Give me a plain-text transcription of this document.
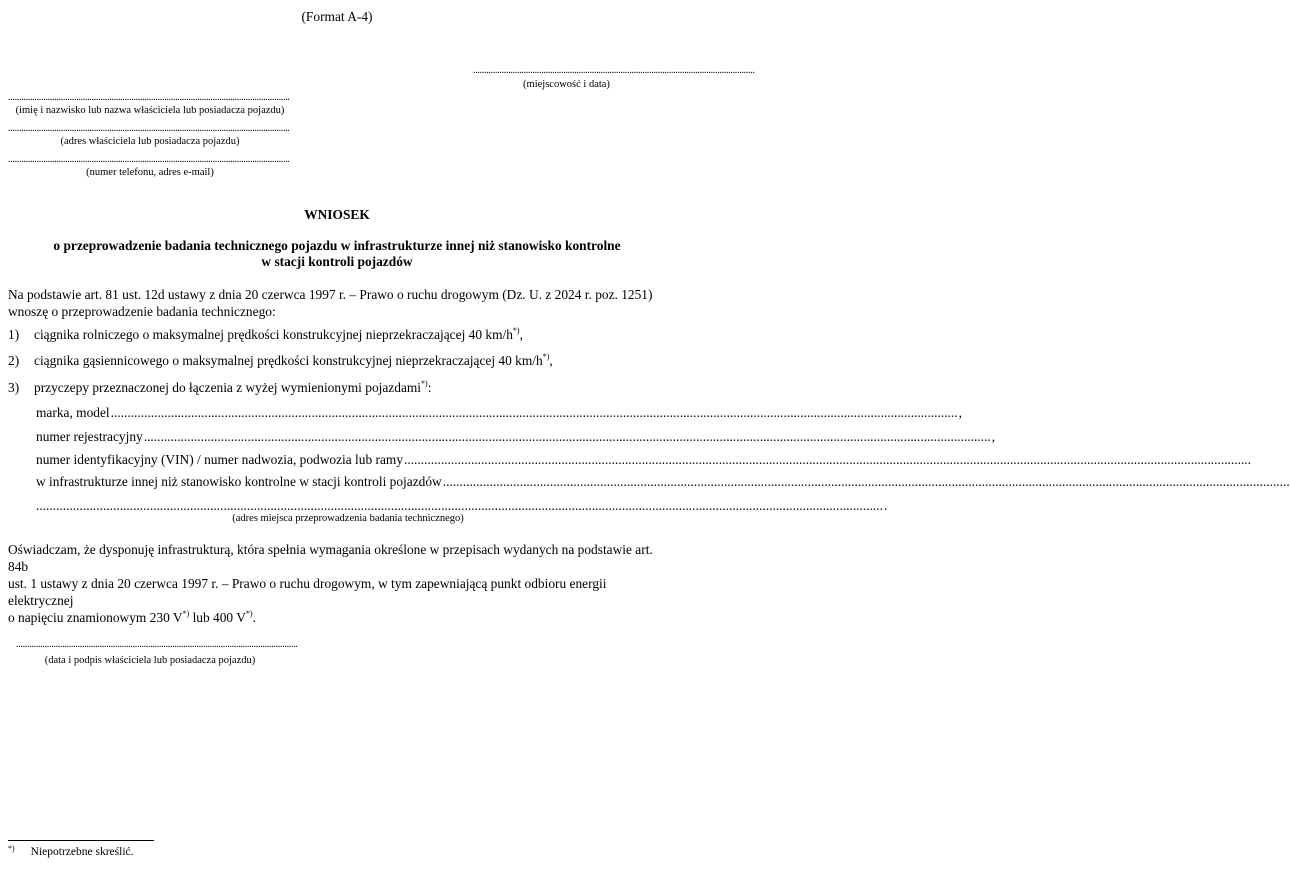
(Format A-4)
................................................................................................................................
(miejscowość i data)
................................................................................................................................
(imię i nazwisko lub nazwa właściciela lub posiadacza pojazdu)
................................................................................................................................
(adres właściciela lub posiadacza pojazdu)
................................................................................................................................
(numer telefonu, adres e-mail)
WNIOSEK
o przeprowadzenie badania technicznego pojazdu w infrastrukturze innej niż stanowisko kontrolne
w stacji kontroli pojazdów
Na podstawie art. 81 ust. 12d ustawy z dnia 20 czerwca 1997 r. – Prawo o ruchu drogowym (Dz. U. z 2024 r. poz. 1251)
wnoszę o przeprowadzenie badania technicznego:
1) ciągnika rolniczego o maksymalnej prędkości konstrukcyjnej nieprzekraczającej 40 km/h*),
2) ciągnika gąsiennicowego o maksymalnej prędkości konstrukcyjnej nieprzekraczającej 40 km/h*),
3) przyczepy przeznaczonej do łączenia z wyżej wymienionymi pojazdami*):
marka, model ............................................................................................................................................................................................................................................................. ,
numer rejestracyjny ............................................................................................................................................................................................................................................................. ,
numer identyfikacyjny (VIN) / numer nadwozia, podwozia lub ramy .............................................................................................................................................................................................................................................................
w infrastrukturze innej niż stanowisko kontrolne w stacji kontroli pojazdów .............................................................................................................................................................................................................................................................
............................................................................................................................................................................................................................................................. .
(adres miejsca przeprowadzenia badania technicznego)
Oświadczam, że dysponuję infrastrukturą, która spełnia wymagania określone w przepisach wydanych na podstawie art. 84b
ust. 1 ustawy z dnia 20 czerwca 1997 r. – Prawo o ruchu drogowym, w tym zapewniającą punkt odbioru energii elektrycznej
o napięciu znamionowym 230 V*) lub 400 V*).
................................................................................................................................
(data i podpis właściciela lub posiadacza pojazdu)
*) Niepotrzebne skreślić.
